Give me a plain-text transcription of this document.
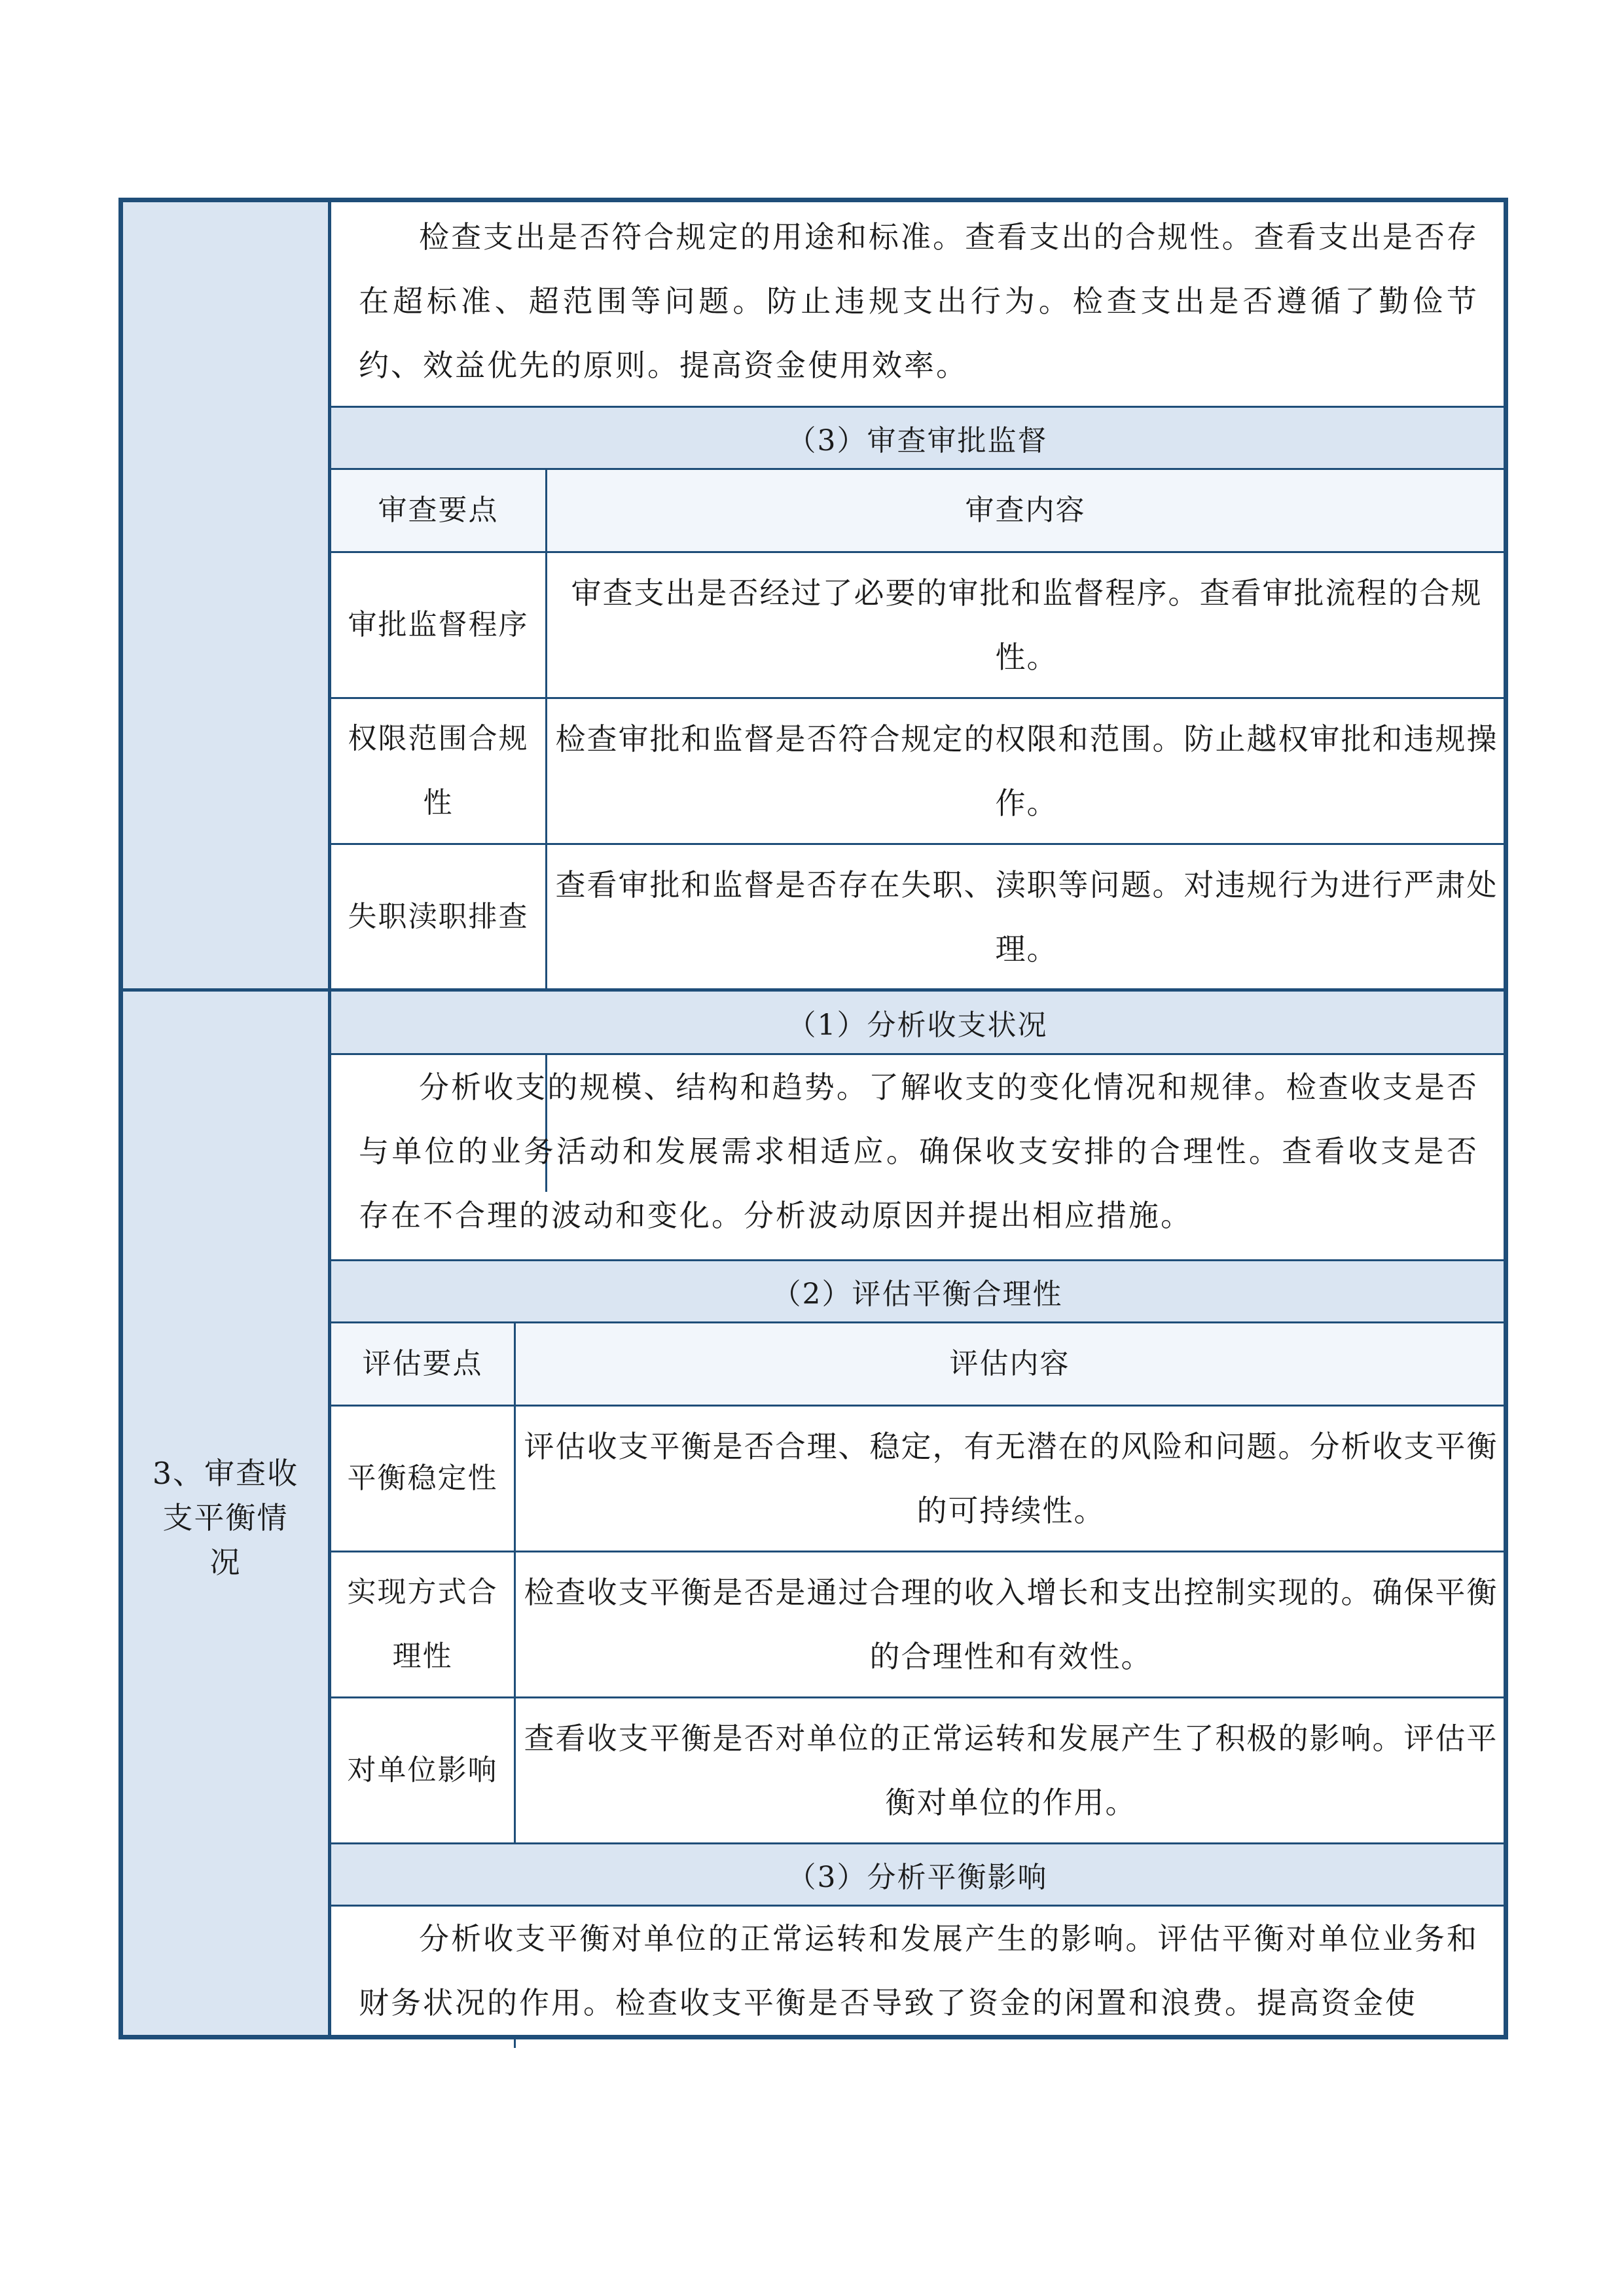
3、审查收支平衡情况
检查支出是否符合规定的用途和标准。查看支出的合规性。查看支出是否存在超标准、超范围等问题。防止违规支出行为。检查支出是否遵循了勤俭节约、效益优先的原则。提高资金使用效率。
（3）审查审批监督
审查要点	审查内容
审批监督程序
审查支出是否经过了必要的审批和监督程序。查看审批流程的合规性。
权限范围合规性
检查审批和监督是否符合规定的权限和范围。防止越权审批和违规操作。
失职渎职排查
查看审批和监督是否存在失职、渎职等问题。对违规行为进行严肃处理。
（1）分析收支状况
分析收支的规模、结构和趋势。了解收支的变化情况和规律。检查收支是否与单位的业务活动和发展需求相适应。确保收支安排的合理性。查看收支是否存在不合理的波动和变化。分析波动原因并提出相应措施。
（2）评估平衡合理性
评估要点	评估内容
平衡稳定性
评估收支平衡是否合理、稳定，有无潜在的风险和问题。分析收支平衡的可持续性。
实现方式合理性
检查收支平衡是否是通过合理的收入增长和支出控制实现的。确保平衡的合理性和有效性。
对单位影响
查看收支平衡是否对单位的正常运转和发展产生了积极的影响。评估平衡对单位的作用。
（3）分析平衡影响
分析收支平衡对单位的正常运转和发展产生的影响。评估平衡对单位业务和财务状况的作用。检查收支平衡是否导致了资金的闲置和浪费。提高资金使
